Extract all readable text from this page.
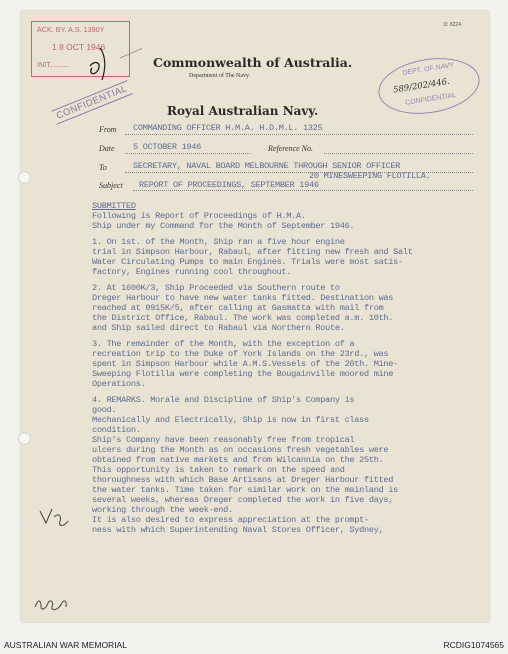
ACK. BY. A.S. 1390Y
1 8 OCT 1946
INIT..........
D: 8224
Commonwealth of Australia.
Department of The Navy.
Royal Australian Navy.
DEPT. OF NAVY
589/202/446.
CONFIDENTIAL
CONFIDENTIAL
From COMMANDING OFFICER H.M.A. H.D.M.L. 1325
Date 5 OCTOBER 1946	Reference No.
To	SECRETARY, NAVAL BOARD MELBOURNE THROUGH SENIOR OFFICER
20 MINESWEEPING FLOTILLA.
Subject REPORT OF PROCEEDINGS, SEPTEMBER 1946
SUBMITTED
Following is Report of Proceedings of H.M.A.
Ship under my Command for the Month of September 1946.
1. On 1st. of the Month, Ship ran a five hour engine
trial in Simpson Harbour, Rabaul, after fitting new fresh and Salt
Water Circulating Pumps to main Engines. Trials were most satis-
factory, Engines running cool throughout.
2. At 1600K/3, Ship Proceeded via Southern route to
Dreger Harbour to have new water tanks fitted. Destination was
reached at 0915K/5, after calling at Gasmatta with mail from
the District Office, Rabaul. The work was completed a.m. 10th.
and Ship sailed direct to Rabaul via Northern Route.
3. The remainder of the Month, with the exception of a
recreation trip to the Duke of York Islands on the 23rd., was
spent in Simpson Harbour while A.M.S.Vessels of the 20th. Mine-
Sweeping Flotilla were completing the Bougainville moored mine
Operations.
4. REMARKS. Morale and Discipline of Ship's Company is
good.
Mechanically and Electrically, Ship is now in first class
condition.
Ship's Company have been reasonably free from tropical
ulcers during the Month as on occasions fresh vegetables were
obtained from native markets and from Wilcannia on the 25th.
This opportunity is taken to remark on the speed and
thoroughness with which Base Artisans at Dreger Harbour fitted
the water tanks. Time taken for similar work on the mainland is
several weeks, whereas Dreger completed the work in five days,
working through the week-end.
It is also desired to express appreciation at the prompt-
ness with which Superintending Naval Stores Officer, Sydney,
AUSTRALIAN WAR MEMORIAL	RCDIG1074565
